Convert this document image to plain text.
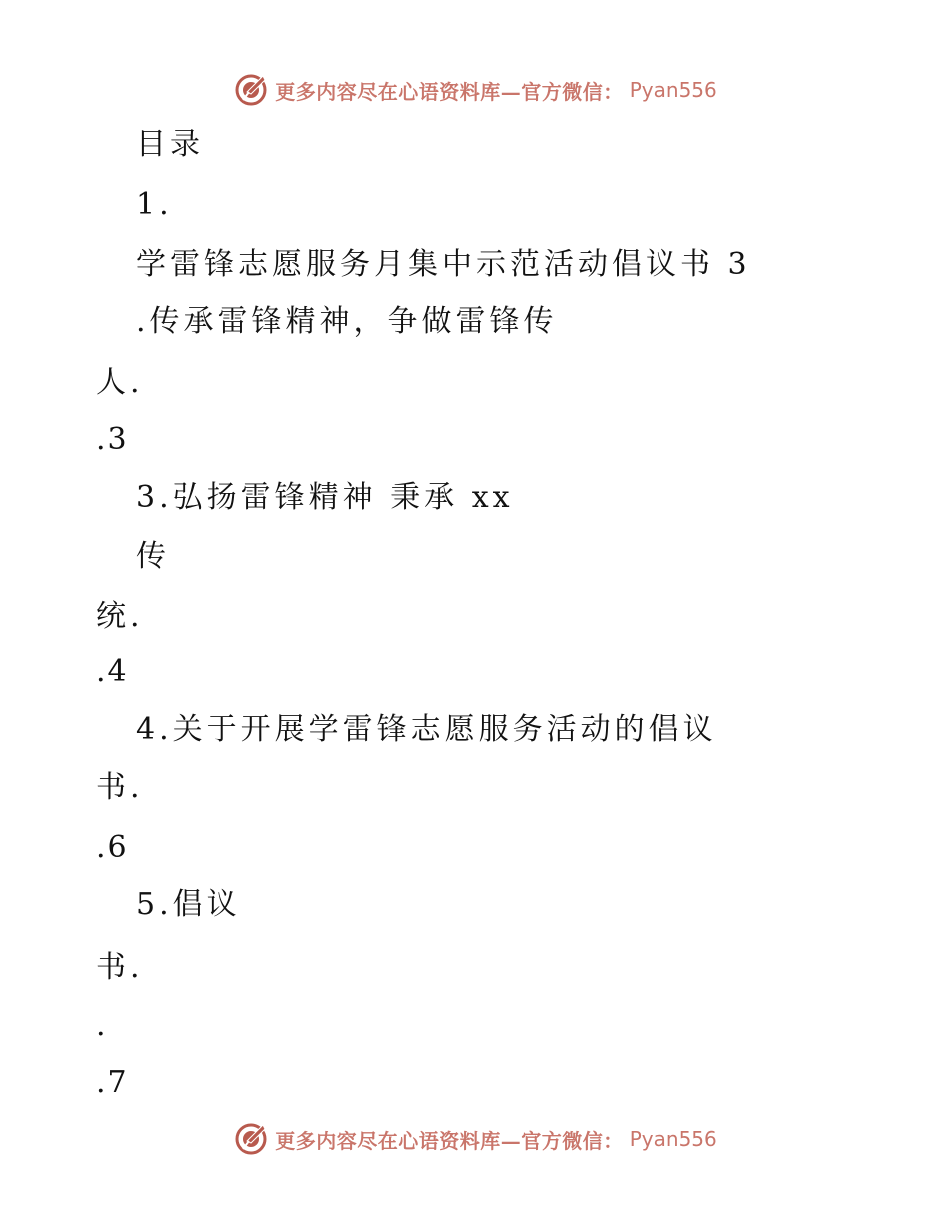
更多内容尽在心语资料库—官方微信： Pyan556
目录
1.
学雷锋志愿服务月集中示范活动倡议书 3
.传承雷锋精神，争做雷锋传
人.
.3
3.弘扬雷锋精神 秉承 xx
传
统.
.4
4.关于开展学雷锋志愿服务活动的倡议
书.
.6
5.倡议
书.
.
.7
更多内容尽在心语资料库—官方微信： Pyan556
